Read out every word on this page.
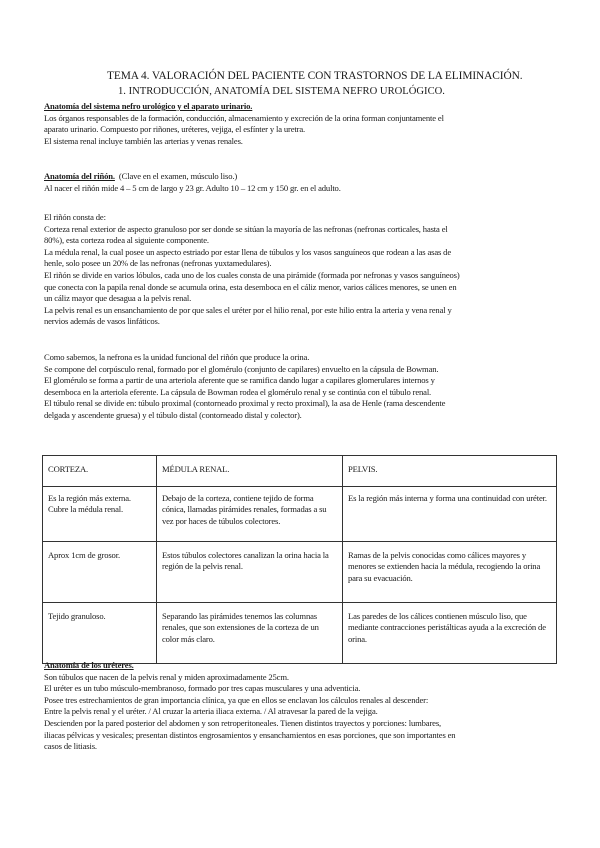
TEMA 4. VALORACIÓN DEL PACIENTE CON TRASTORNOS DE LA ELIMINACIÓN.
1. INTRODUCCIÓN, ANATOMÍA DEL SISTEMA NEFRO UROLÓGICO.

Anatomía del sistema nefro urológico y el aparato urinario.

Los órganos responsables de la formación, conducción, almacenamiento y excreción de la orina forman conjuntamente el

aparato urinario. Compuesto por riñones, uréteres, vejiga, el esfínter y la uretra.

El sistema renal incluye también las arterias y venas renales.

Anatomía del riñón. (Clave en el examen, músculo liso.)

Al nacer el riñón mide 4 – 5 cm de largo y 23 gr. Adulto 10 – 12 cm y 150 gr. en el adulto.

El riñón consta de:

Corteza renal exterior de aspecto granuloso por ser donde se sitúan la mayoría de las nefronas (nefronas corticales, hasta el

80%), esta corteza rodea al siguiente componente.

La médula renal, la cual posee un aspecto estriado por estar llena de túbulos y los vasos sanguíneos que rodean a las asas de

henle, solo posee un 20% de las nefronas (nefronas yuxtamedulares).

El riñón se divide en varios lóbulos, cada uno de los cuales consta de una pirámide (formada por nefronas y vasos sanguíneos)

que conecta con la papila renal donde se acumula orina, esta desemboca en el cáliz menor, varios cálices menores, se unen en

un cáliz mayor que desagua a la pelvis renal.

La pelvis renal es un ensanchamiento de por que sales el uréter por el hilio renal, por este hilio entra la arteria y vena renal y

nervios además de vasos linfáticos.

Como sabemos, la nefrona es la unidad funcional del riñón que produce la orina.

Se compone del corpúsculo renal, formado por el glomérulo (conjunto de capilares) envuelto en la cápsula de Bowman.

El glomérulo se forma a partir de una arteriola aferente que se ramifica dando lugar a capilares glomerulares internos y

desemboca en la arteriola eferente. La cápsula de Bowman rodea el glomérulo renal y se continúa con el túbulo renal.

El túbulo renal se divide en: túbulo proximal (contorneado proximal y recto proximal), la asa de Henle (rama descendente

delgada y ascendente gruesa) y el túbulo distal (contorneado distal y colector).

CORTEZA.	MÉDULA RENAL.	PELVIS.
Es la región más externa. Cubre la médula renal.	Debajo de la corteza, contiene tejido de forma cónica, llamadas pirámides renales, formadas a su vez por haces de túbulos colectores.	Es la región más interna y forma una continuidad con uréter.
Aprox 1cm de grosor.	Estos túbulos colectores canalizan la orina hacia la región de la pelvis renal.	Ramas de la pelvis conocidas como cálices mayores y menores se extienden hacia la médula, recogiendo la orina para su evacuación.
Tejido granuloso.	Separando las pirámides tenemos las columnas renales, que son extensiones de la corteza de un color más claro.	Las paredes de los cálices contienen músculo liso, que mediante contracciones peristálticas ayuda a la excreción de orina.

Anatomía de los uréteres.

Son túbulos que nacen de la pelvis renal y miden aproximadamente 25cm.

El uréter es un tubo músculo-membranoso, formado por tres capas musculares y una adventicia.

Posee tres estrechamientos de gran importancia clínica, ya que en ellos se enclavan los cálculos renales al descender:

Entre la pelvis renal y el uréter. / Al cruzar la arteria iliaca externa. / Al atravesar la pared de la vejiga.

Descienden por la pared posterior del abdomen y son retroperitoneales. Tienen distintos trayectos y porciones: lumbares,

iliacas pélvicas y vesicales; presentan distintos engrosamientos y ensanchamientos en esas porciones, que son importantes en

casos de litiasis.
